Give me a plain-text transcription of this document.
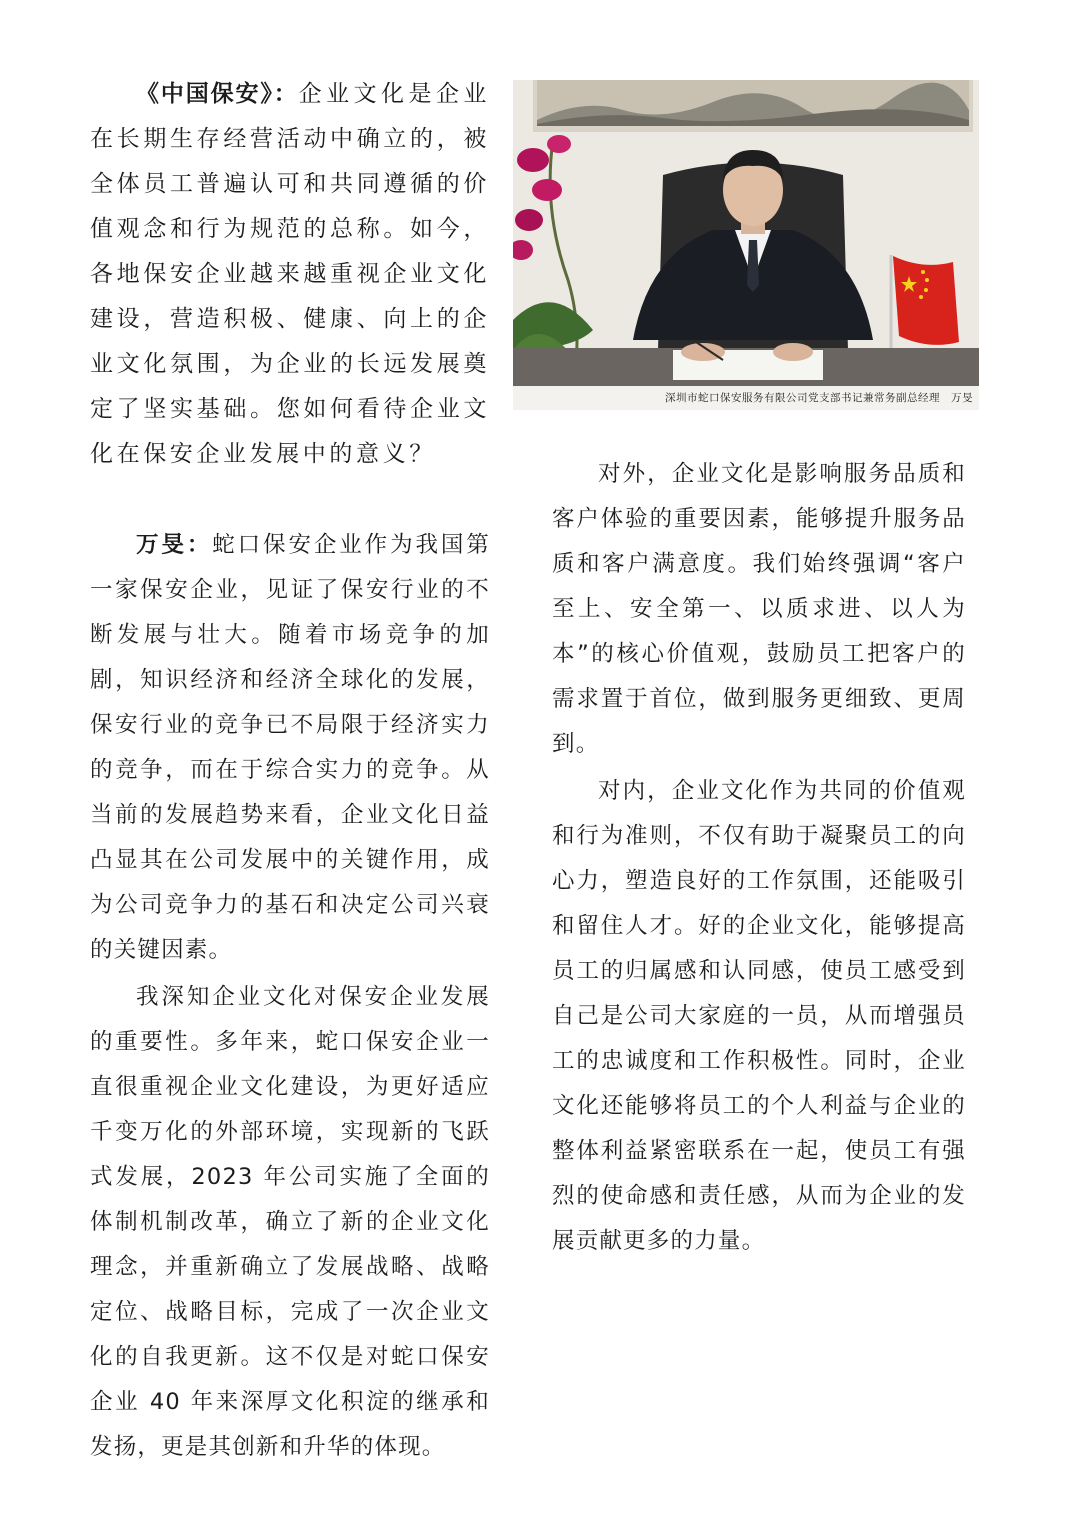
《中国保安》：企业文化是企业在长期生存经营活动中确立的，被全体员工普遍认可和共同遵循的价值观念和行为规范的总称。如今，各地保安企业越来越重视企业文化建设，营造积极、健康、向上的企业文化氛围，为企业的长远发展奠定了坚实基础。您如何看待企业文化在保安企业发展中的意义？

万旻：蛇口保安企业作为我国第一家保安企业，见证了保安行业的不断发展与壮大。随着市场竞争的加剧，知识经济和经济全球化的发展，保安行业的竞争已不局限于经济实力的竞争，而在于综合实力的竞争。从当前的发展趋势来看，企业文化日益凸显其在公司发展中的关键作用，成为公司竞争力的基石和决定公司兴衰的关键因素。

我深知企业文化对保安企业发展的重要性。多年来，蛇口保安企业一直很重视企业文化建设，为更好适应千变万化的外部环境，实现新的飞跃式发展，2023 年公司实施了全面的体制机制改革，确立了新的企业文化理念，并重新确立了发展战略、战略定位、战略目标，完成了一次企业文化的自我更新。这不仅是对蛇口保安企业 40 年来深厚文化积淀的继承和发扬，更是其创新和升华的体现。

深圳市蛇口保安服务有限公司党支部书记兼常务副总经理　万旻

对外，企业文化是影响服务品质和客户体验的重要因素，能够提升服务品质和客户满意度。我们始终强调“客户至上、安全第一、以质求进、以人为本”的核心价值观，鼓励员工把客户的需求置于首位，做到服务更细致、更周到。

对内，企业文化作为共同的价值观和行为准则，不仅有助于凝聚员工的向心力，塑造良好的工作氛围，还能吸引和留住人才。好的企业文化，能够提高员工的归属感和认同感，使员工感受到自己是公司大家庭的一员，从而增强员工的忠诚度和工作积极性。同时，企业文化还能够将员工的个人利益与企业的整体利益紧密联系在一起，使员工有强烈的使命感和责任感，从而为企业的发展贡献更多的力量。
